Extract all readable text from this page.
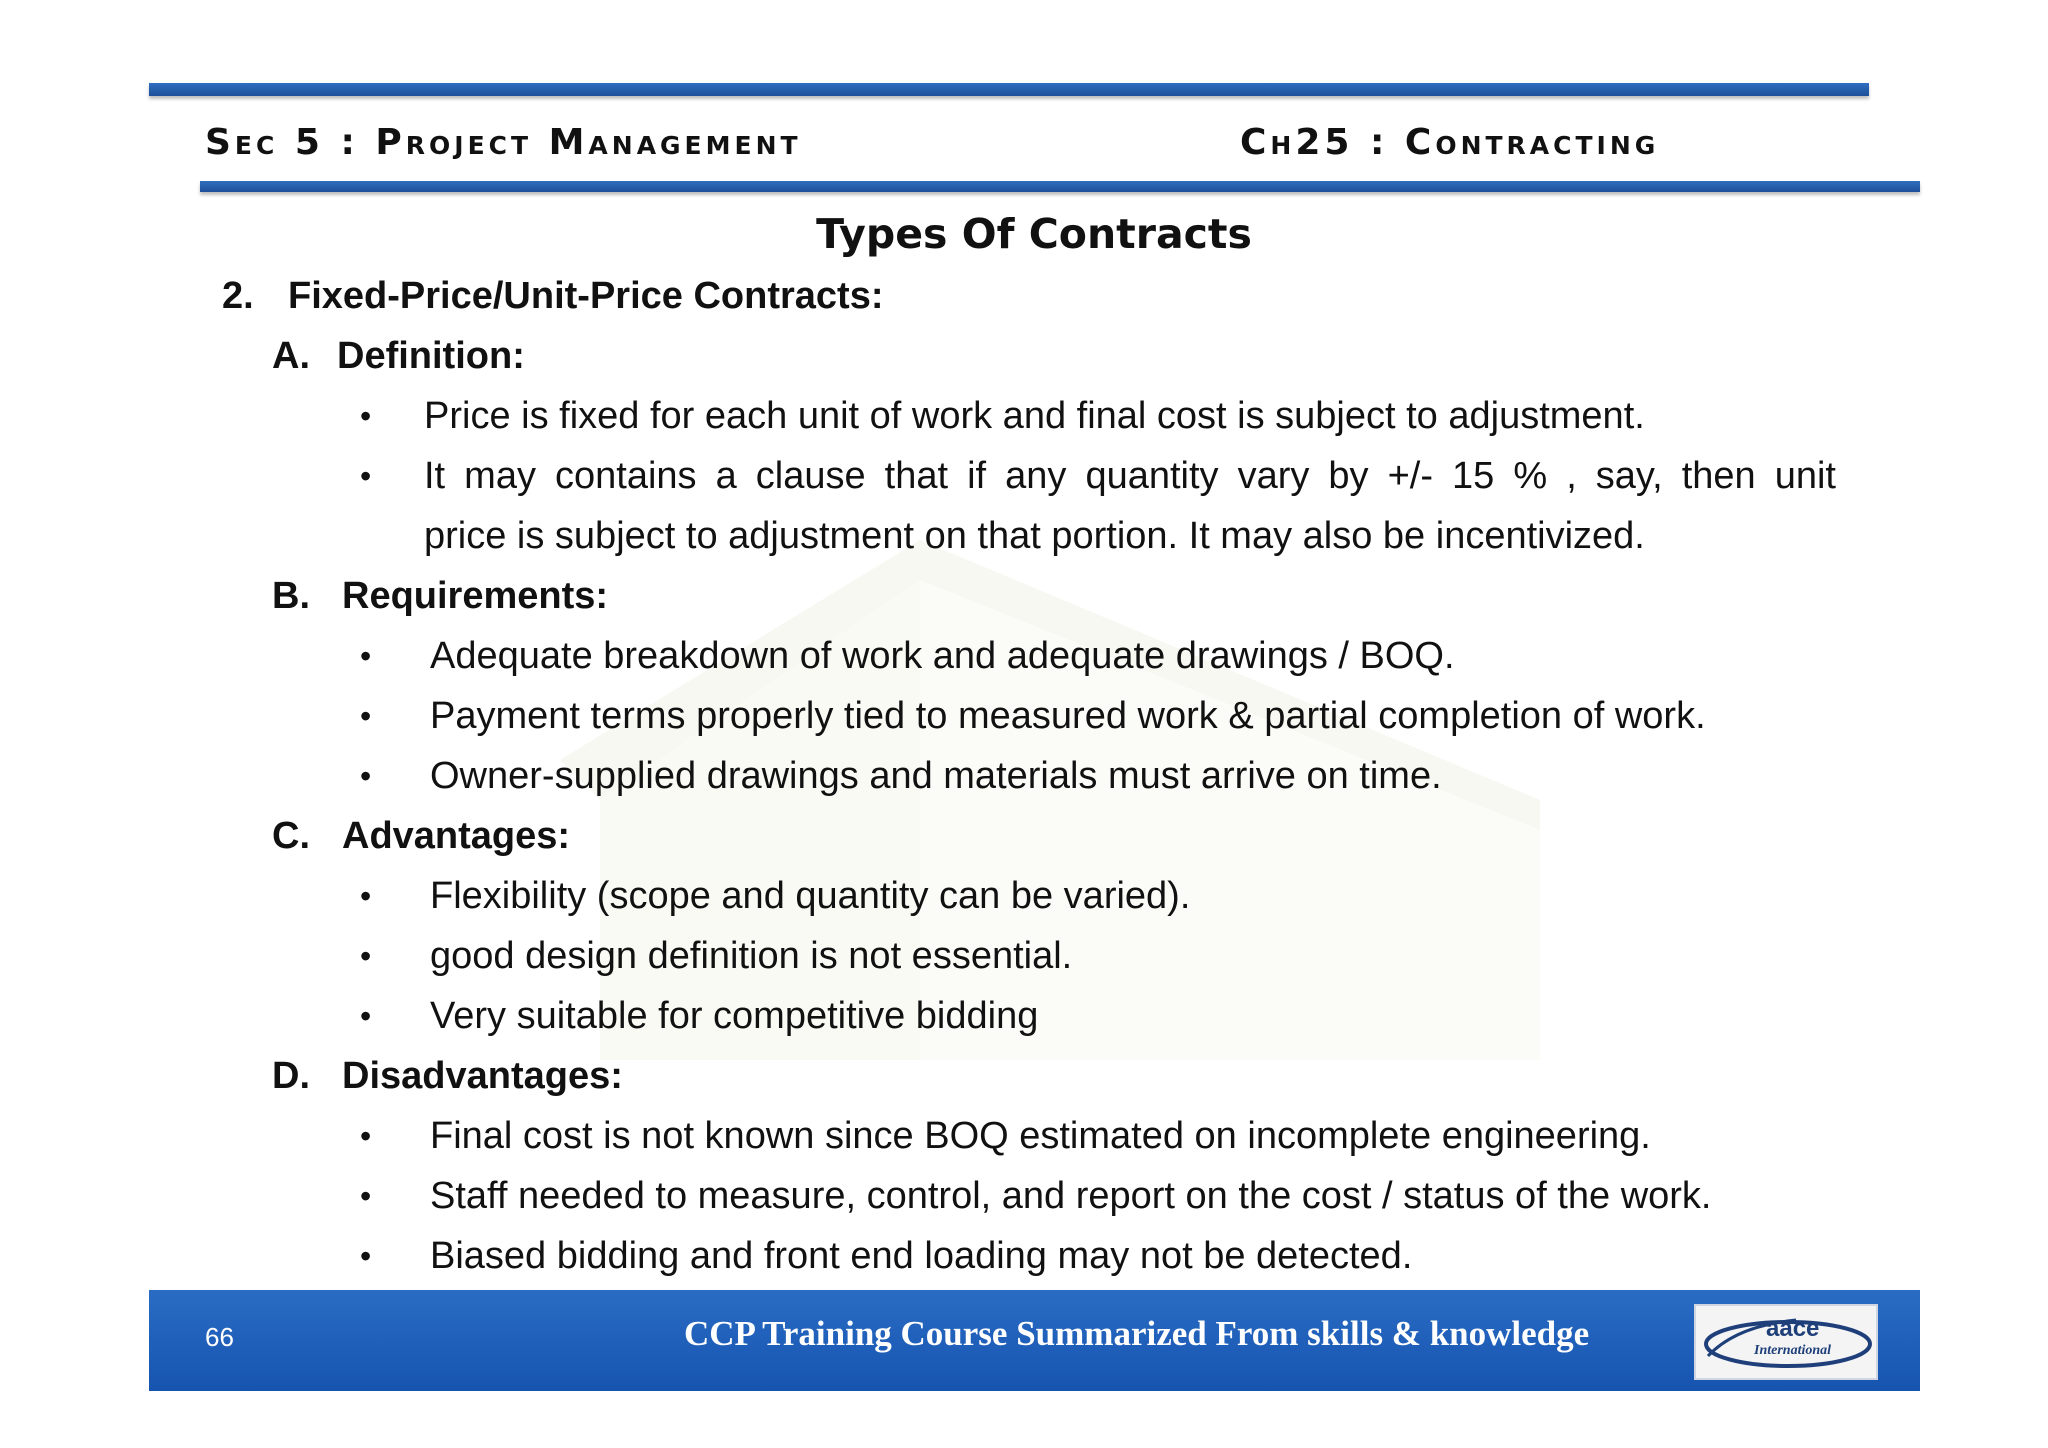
Sec 5 : Project Management	Ch25 : Contracting
Types Of Contracts
2. Fixed-Price/Unit-Price Contracts:
A. Definition:
• Price is fixed for each unit of work and final cost is subject to adjustment.
• It may contains a clause that if any quantity vary by +/- 15 % , say, then unit
price is subject to adjustment on that portion. It may also be incentivized.
B. Requirements:
• Adequate breakdown of work and adequate drawings / BOQ.
• Payment terms properly tied to measured work & partial completion of work.
• Owner-supplied drawings and materials must arrive on time.
C. Advantages:
• Flexibility (scope and quantity can be varied).
• good design definition is not essential.
• Very suitable for competitive bidding
D. Disadvantages:
• Final cost is not known since BOQ estimated on incomplete engineering.
• Staff needed to measure, control, and report on the cost / status of the work.
• Biased bidding and front end loading may not be detected.
66	CCP Training Course Summarized From skills & knowledge	aace
International
